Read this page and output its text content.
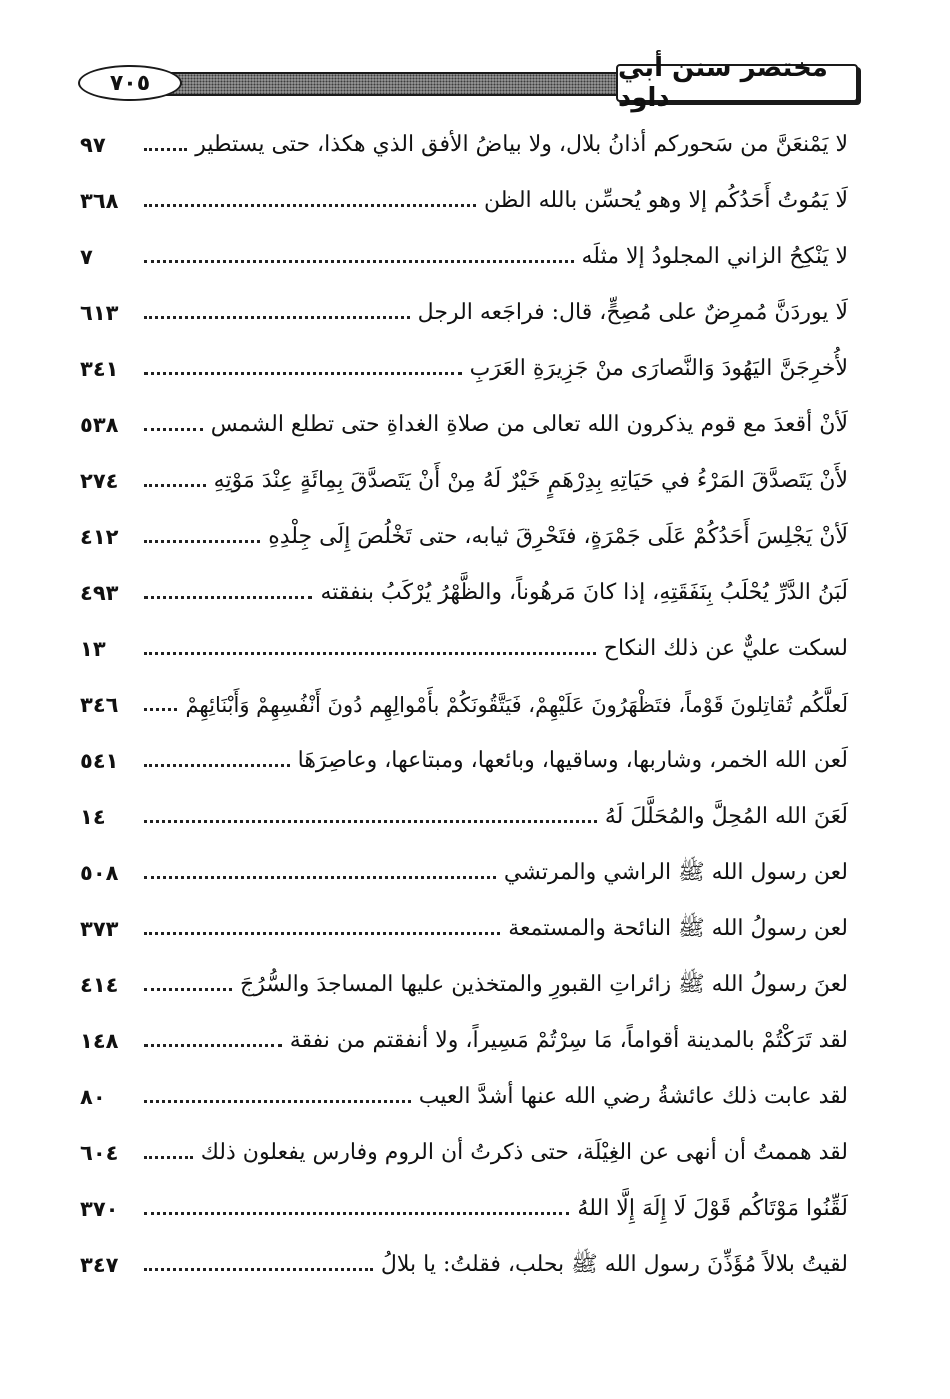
٧٠٥	مختصر سنن أبي داود
لا يَمْنعَنَّ من سَحوركم أذانُ بلال، ولا بياضُ الأفق الذي هكذا، حتى يستطير
٩٧
لَا يَمُوتُ أَحَدُكُم إلا وهو يُحسِّن بالله الظن
٣٦٨
لا يَنْكِحُ الزاني المجلودُ إلا مثلَه
٧
لَا يوردَنَّ مُمرِضٌ على مُصِحٍّ، قال: فراجَعه الرجل
٦١٣
لأُخرِجَنَّ اليَهُودَ وَالنَّصارَى منْ جَزِيرَةِ العَرَبِ
٣٤١
لَأنْ أقعدَ مع قوم يذكرون الله تعالى من صلاةِ الغداةِ حتى تطلع الشمس
٥٣٨
لأَنْ يَتَصدَّقَ المَرْءُ في حَيَاتِهِ بِدِرْهَمٍ خَيْرٌ لَهُ مِنْ أَنْ يَتَصدَّقَ بِمِائَةٍ عِنْدَ مَوْتِهِ
٢٧٤
لَأنْ يَجْلِسَ أَحَدُكُمْ عَلَى جَمْرَةٍ، فتَحْرِقَ ثيابه، حتى تَخْلُصَ إِلَى جِلْدِهِ
٤١٢
لَبَنُ الدَّرِّ يُحْلَبُ بِنَفَقَتِهِ، إذا كانَ مَرهُوناً، والظَّهْرُ يُرْكَبُ بنفقته
٤٩٣
لسكت عليٌّ عن ذلك النكاح
١٣
لَعلَّكُم تُقاتِلونَ قَوْماً، فتَظْهَرُونَ عَلَيْهِمْ، فَيَتَّقُونَكُمْ بأَمْوالِهِم دُونَ أَنْفُسِهِمْ وَأَبْنَائِهِمْ
٣٤٦
لَعن الله الخمر، وشاربها، وساقيها، وبائعها، ومبتاعها، وعاصِرَهَا
٥٤١
لَعَنَ الله المُحِلَّ والمُحَلَّلَ لَهُ
١٤
لعن رسول الله ﷺ الراشي والمرتشي
٥٠٨
لعن رسولُ الله ﷺ النائحة والمستمعة
٣٧٣
لعنَ رسولُ الله ﷺ زائراتِ القبورِ والمتخذين عليها المساجدَ والسُّرُجَ
٤١٤
لقد تَرَكْتُمْ بالمدينة أقواماً، مَا سِرْتُمْ مَسِيراً، ولا أنفقتم من نفقة
١٤٨
لقد عابت ذلك عائشةُ رضي الله عنها أشدَّ العيب
٨٠
لقد هممتُ أن أنهى عن الغِيْلَة، حتى ذكرتُ أن الروم وفارس يفعلون ذلك
٦٠٤
لَقِّنُوا مَوْتَاكُم قَوْلَ لَا إِلَهَ إِلَّا اللهُ
٣٧٠
لقيتُ بلالاً مُؤَذِّنَ رسول الله ﷺ بحلب، فقلتُ: يا بلالُ
٣٤٧
